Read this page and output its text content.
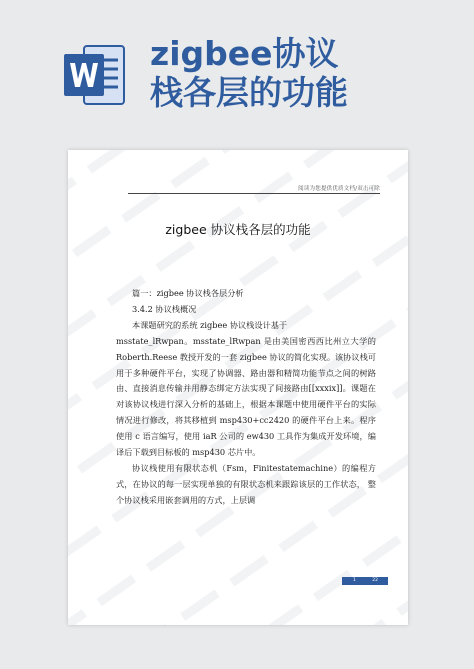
zigbee协议
栈各层的功能
阅读为您提供优质文档/双击可除
zigbee 协议栈各层的功能

篇一：zigbee 协议栈各层分析

3.4.2 协议栈概况

本课题研究的系统 zigbee 协议栈设计基于

msstate_lRwpan。msstate_lRwpan 是由美国密西西比州立大学的 Roberth.Reese 教授开发的一套 zigbee 协议的简化实现。该协议栈可用于多种硬件平台，实现了协调器、路由器和精简功能节点之间的树路由、直接消息传输并用静态绑定方法实现了间接路由[[xxxix]]。课题在对该协议栈进行深入分析的基础上，根据本课题中使用硬件平台的实际情况进行修改，将其移植到 msp430+cc2420 的硬件平台上来。程序使用 c 语言编写，使用 iaR 公司的 ew430 工具作为集成开发环境，编译后下载到目标板的 msp430 芯片中。

协议栈使用有限状态机（Fsm，Finitestatemachine）的编程方式，在协议的每一层实现单独的有限状态机来跟踪该层的工作状态， 整个协议栈采用嵌套调用的方式，上层调

1	22
